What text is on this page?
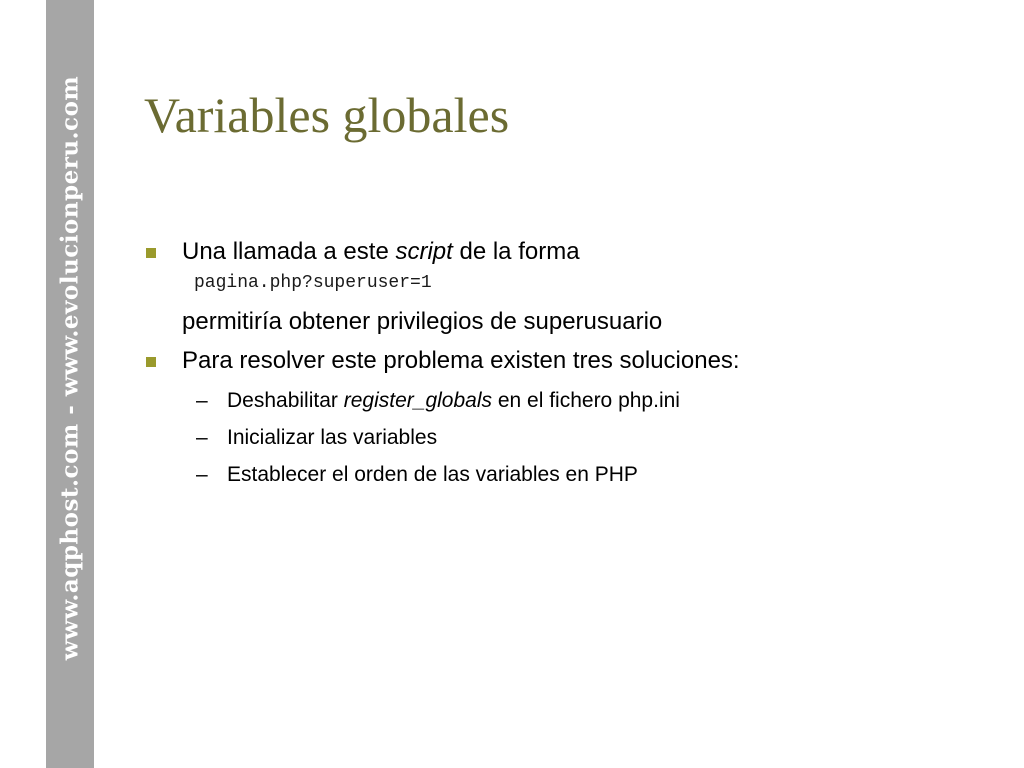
www.aqphost.com - www.evolucionperu.com Variables globales
Una llamada a este script de la forma
pagina.php?superuser=1
permitiría obtener privilegios de superusuario
Para resolver este problema existen tres soluciones:
– Deshabilitar register_globals en el fichero php.ini
– Inicializar las variables
– Establecer el orden de las variables en PHP
